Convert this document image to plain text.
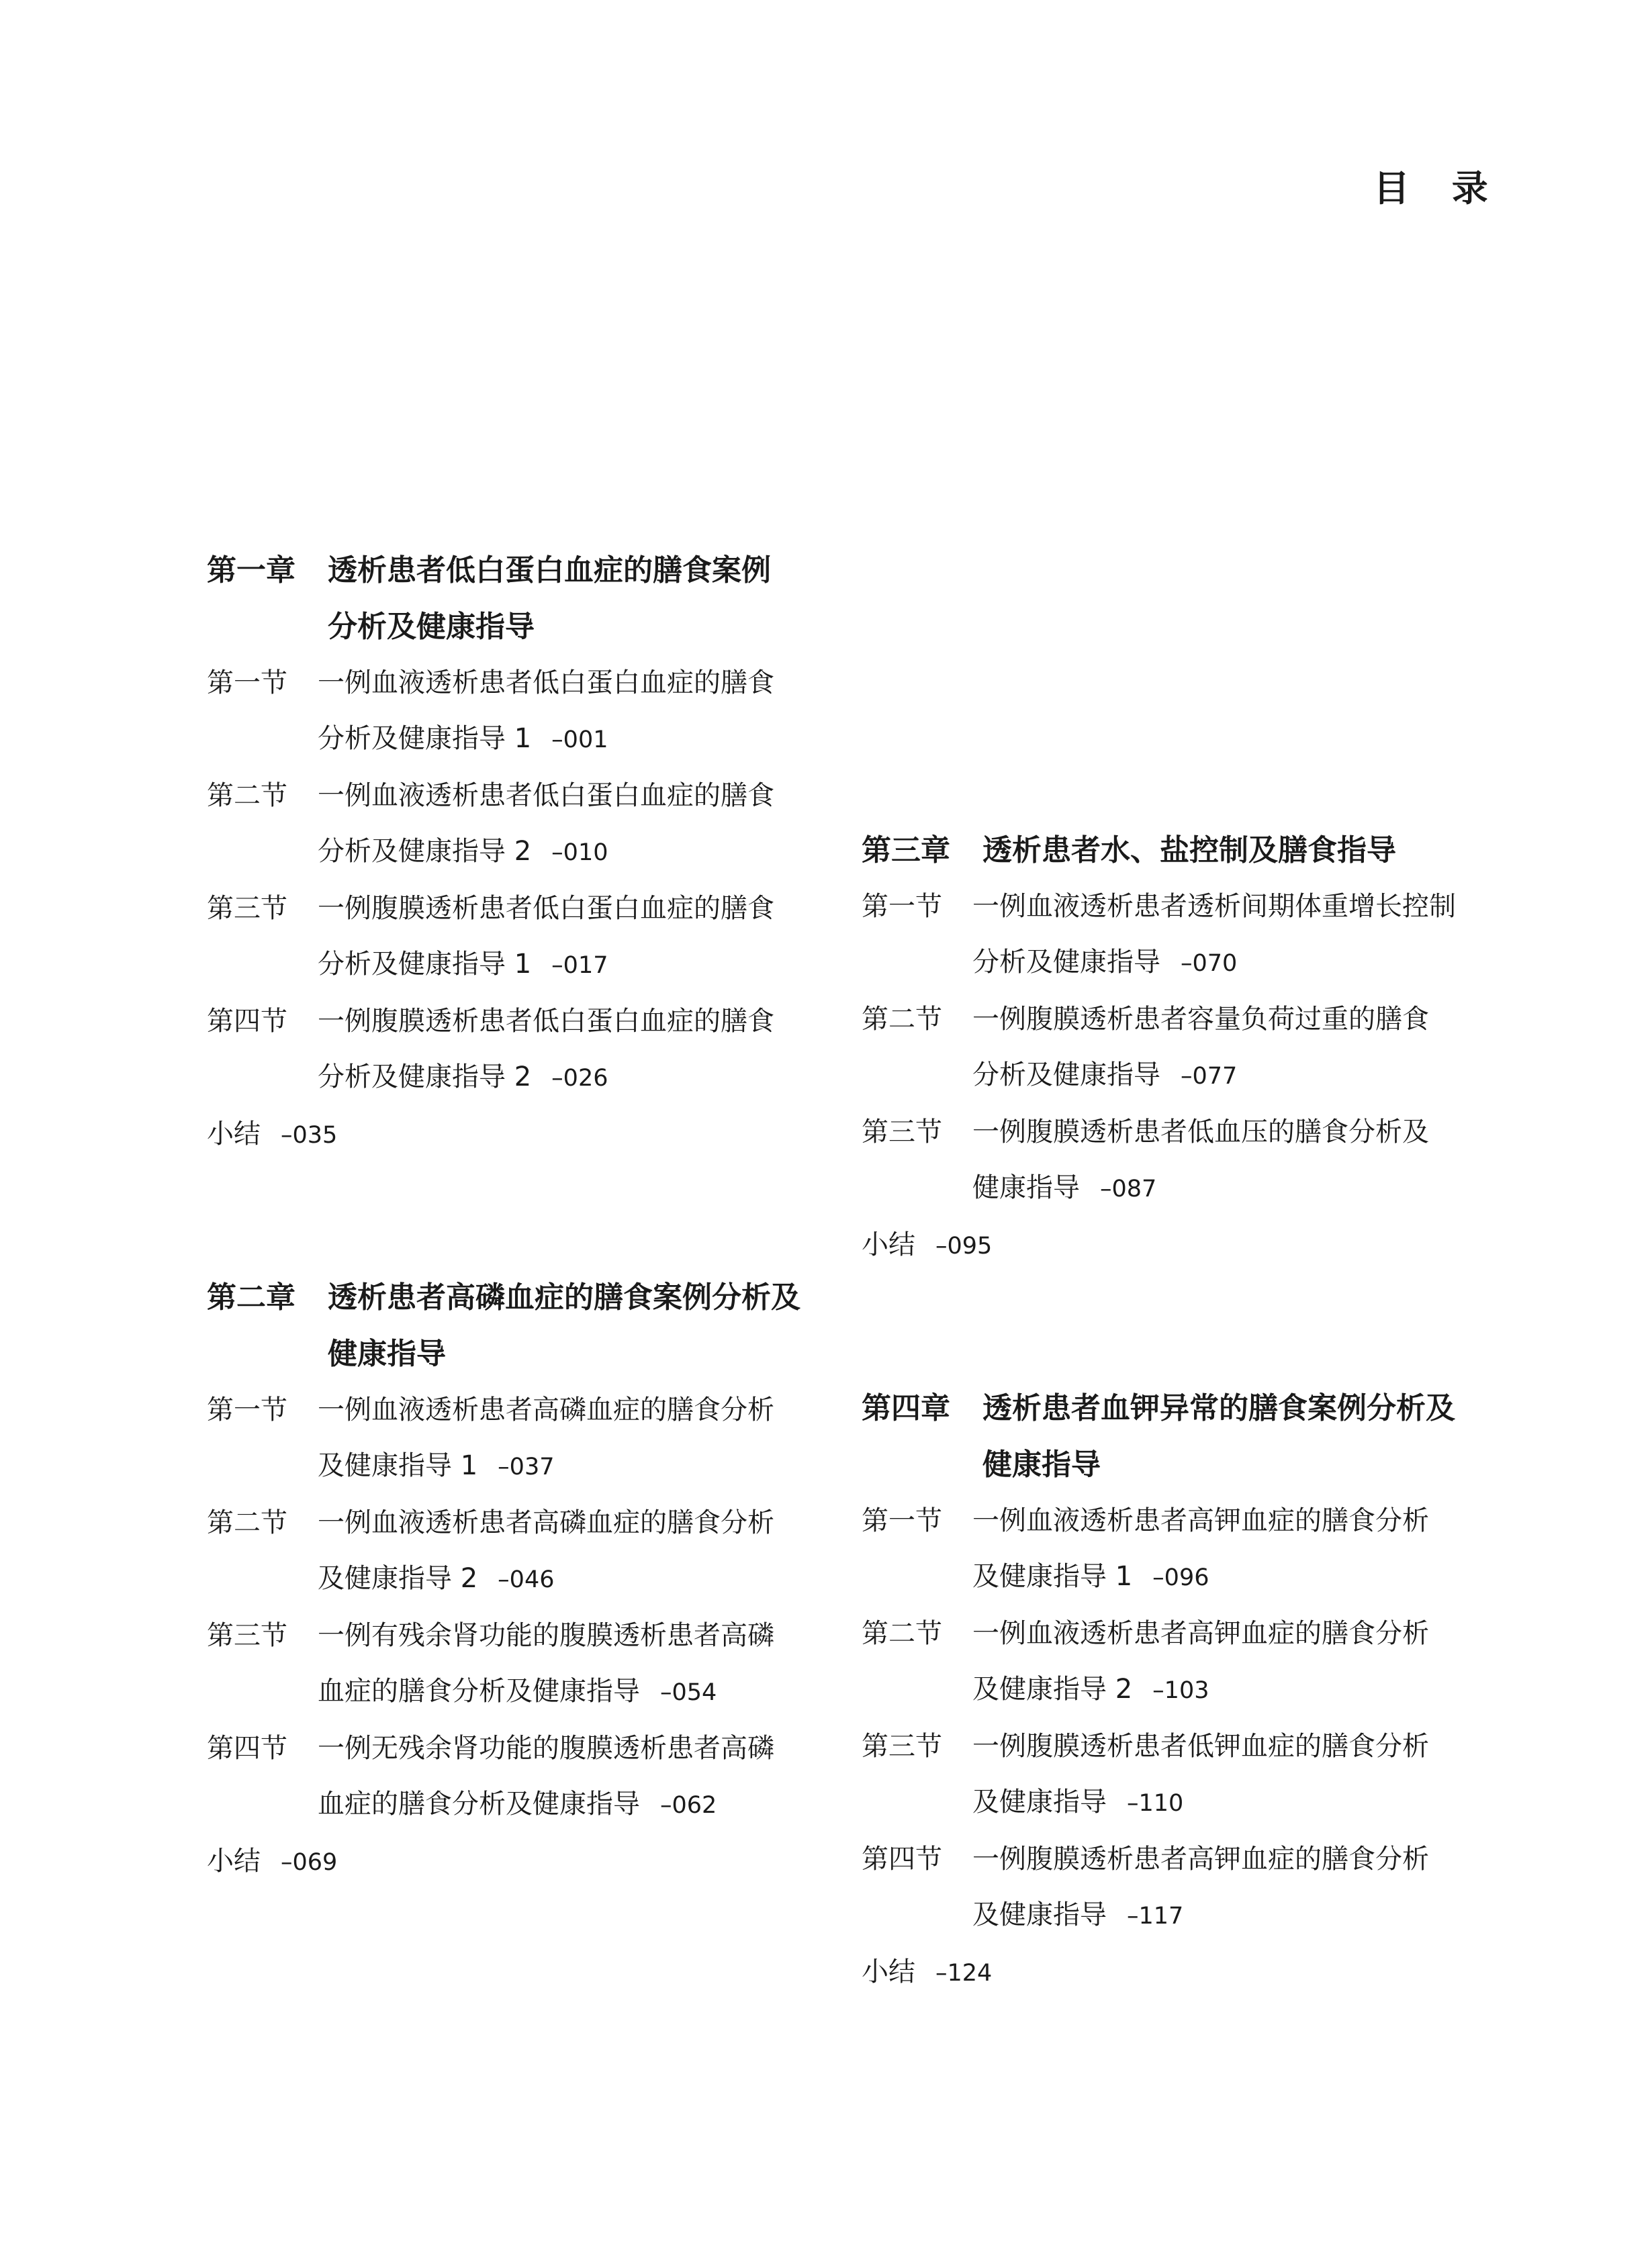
目 录
第一章	透析患者低白蛋白血症的膳食案例
分析及健康指导
第一节	一例血液透析患者低白蛋白血症的膳食
分析及健康指导 1 –001
第二节	一例血液透析患者低白蛋白血症的膳食
分析及健康指导 2 –010
第三节	一例腹膜透析患者低白蛋白血症的膳食
分析及健康指导 1 –017
第四节	一例腹膜透析患者低白蛋白血症的膳食
分析及健康指导 2 –026
小结 –035
第二章	透析患者高磷血症的膳食案例分析及
健康指导
第一节	一例血液透析患者高磷血症的膳食分析
及健康指导 1 –037
第二节	一例血液透析患者高磷血症的膳食分析
及健康指导 2 –046
第三节	一例有残余肾功能的腹膜透析患者高磷
血症的膳食分析及健康指导 –054
第四节	一例无残余肾功能的腹膜透析患者高磷
血症的膳食分析及健康指导 –062
小结 –069
第三章	透析患者水、盐控制及膳食指导
第一节	一例血液透析患者透析间期体重增长控制
分析及健康指导 –070
第二节	一例腹膜透析患者容量负荷过重的膳食
分析及健康指导 –077
第三节	一例腹膜透析患者低血压的膳食分析及
健康指导 –087
小结 –095
第四章	透析患者血钾异常的膳食案例分析及
健康指导
第一节	一例血液透析患者高钾血症的膳食分析
及健康指导 1 –096
第二节	一例血液透析患者高钾血症的膳食分析
及健康指导 2 –103
第三节	一例腹膜透析患者低钾血症的膳食分析
及健康指导 –110
第四节	一例腹膜透析患者高钾血症的膳食分析
及健康指导 –117
小结 –124
